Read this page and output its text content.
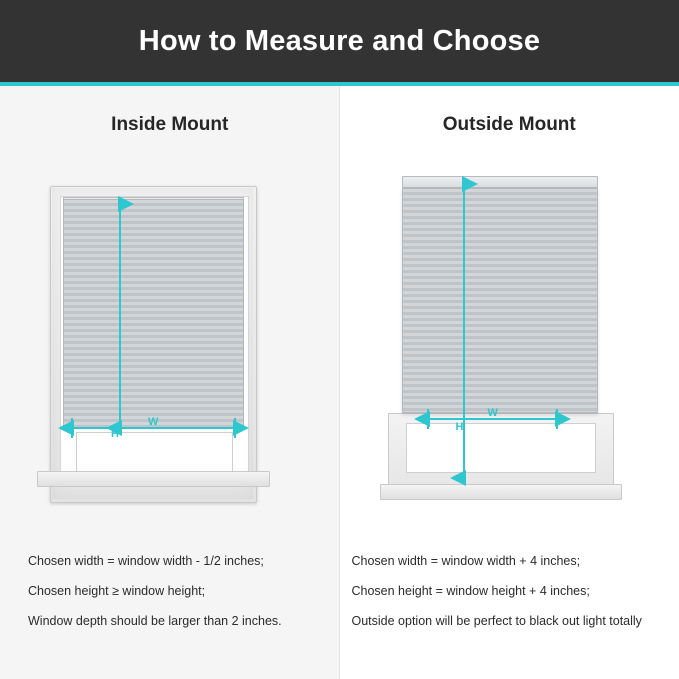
How to Measure and Choose
Inside Mount
H
W
Chosen width = window width - 1/2 inches;
Chosen height ≥ window height;
Window depth should be larger than 2 inches.
Outside Mount
H
W
Chosen width = window width + 4 inches;
Chosen height = window height + 4 inches;
Outside option will be perfect to black out light totally
